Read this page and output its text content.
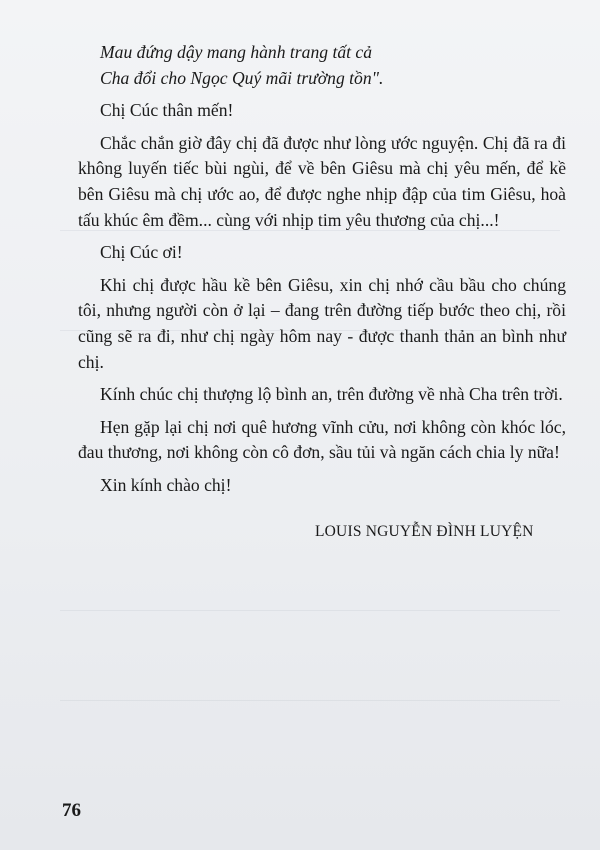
Mau đứng dậy mang hành trang tất cả

Cha đổi cho Ngọc Quý mãi trường tồn".

Chị Cúc thân mến!

Chắc chắn giờ đây chị đã được như lòng ước nguyện. Chị đã ra đi không luyến tiếc bùi ngùi, để về bên Giêsu mà chị yêu mến, để kề bên Giêsu mà chị ước ao, để được nghe nhịp đập của tim Giêsu, hoà tấu khúc êm đềm... cùng với nhịp tim yêu thương của chị...!

Chị Cúc ơi!

Khi chị được hầu kề bên Giêsu, xin chị nhớ cầu bầu cho chúng tôi, nhưng người còn ở lại – đang trên đường tiếp bước theo chị, rồi cũng sẽ ra đi, như chị ngày hôm nay - được thanh thản an bình như chị.

Kính chúc chị thượng lộ bình an, trên đường về nhà Cha trên trời.

Hẹn gặp lại chị nơi quê hương vĩnh cửu, nơi không còn khóc lóc, đau thương, nơi không còn cô đơn, sầu tủi và ngăn cách chia ly nữa!

Xin kính chào chị!

LOUIS NGUYỄN ĐÌNH LUYỆN
76
